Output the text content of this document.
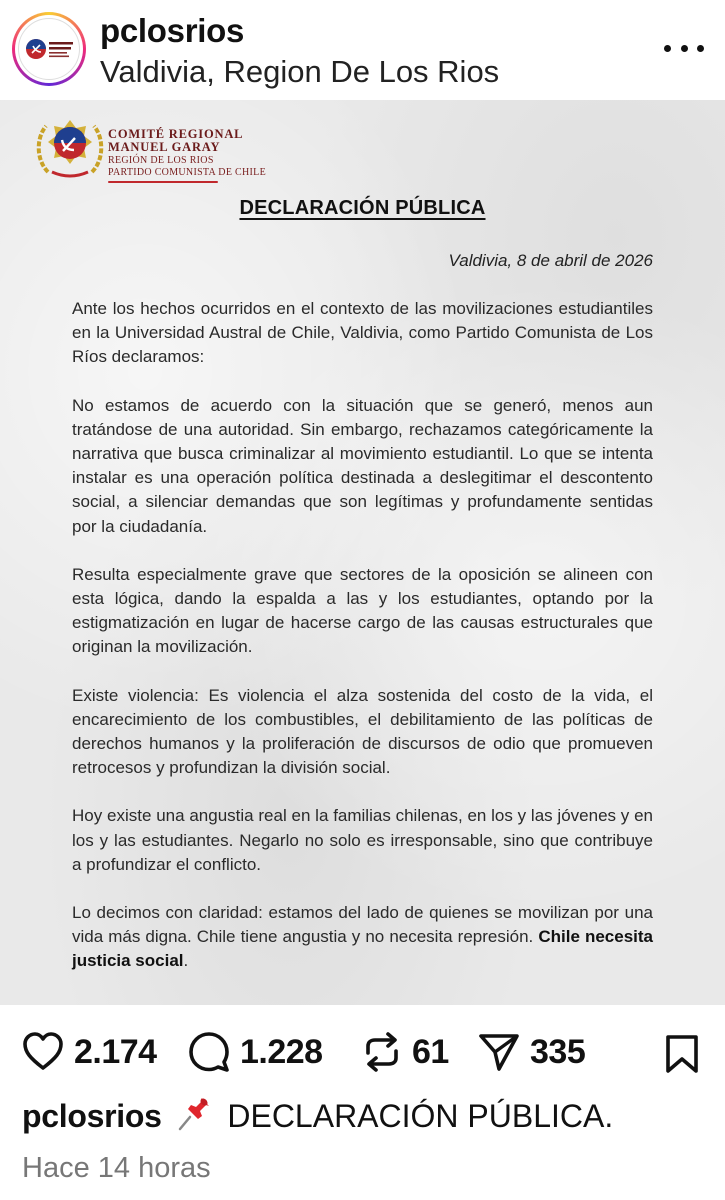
pclosrios
Valdivia, Region De Los Rios
COMITÉ REGIONAL
MANUEL GARAY
REGIÓN DE LOS RIOS
PARTIDO COMUNISTA DE CHILE
DECLARACIÓN PÚBLICA
Valdivia, 8 de abril de 2026

Ante los hechos ocurridos en el contexto de las movilizaciones estudiantiles en la Universidad Austral de Chile, Valdivia, como Partido Comunista de Los Ríos declaramos:

No estamos de acuerdo con la situación que se generó, menos aun tratándose de una autoridad. Sin embargo, rechazamos categóricamente la narrativa que busca criminalizar al movimiento estudiantil. Lo que se intenta instalar es una operación política destinada a deslegitimar el descontento social, a silenciar demandas que son legítimas y profundamente sentidas por la ciudadanía.

Resulta especialmente grave que sectores de la oposición se alineen con esta lógica, dando la espalda a las y los estudiantes, optando por la estigmatización en lugar de hacerse cargo de las causas estructurales que originan la movilización.

Existe violencia: Es violencia el alza sostenida del costo de la vida, el encarecimiento de los combustibles, el debilitamiento de las políticas de derechos humanos y la proliferación de discursos de odio que promueven retrocesos y profundizan la división social.

Hoy existe una angustia real en la familias chilenas, en los y las jóvenes y en los y las estudiantes. Negarlo no solo es irresponsable, sino que contribuye a profundizar el conflicto.

Lo decimos con claridad: estamos del lado de quienes se movilizan por una vida más digna. Chile tiene angustia y no necesita represión. Chile necesita justicia social.

2.174 1.228	61 335
pclosrios DECLARACIÓN PÚBLICA.
Hace 14 horas
